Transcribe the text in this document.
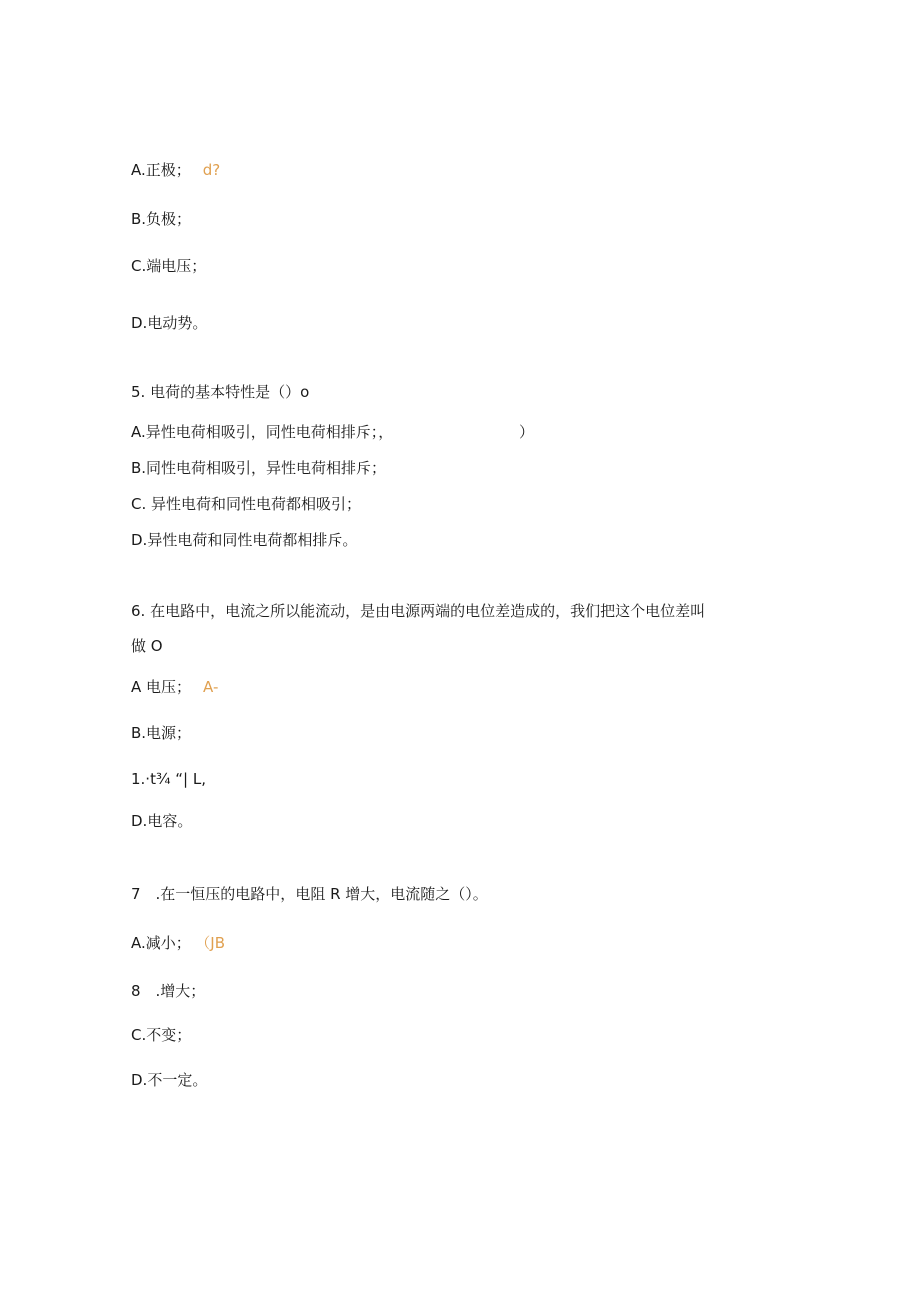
A.正极； d?
B.负极；
C.端电压；
D.电动势。
5. 电荷的基本特性是（）o
A.异性电荷相吸引，同性电荷相排斥；，	）
B.同性电荷相吸引，异性电荷相排斥；
C. 异性电荷和同性电荷都相吸引；
D.异性电荷和同性电荷都相排斥。
6. 在电路中，电流之所以能流动，是由电源两端的电位差造成的，我们把这个电位差叫
做 O
A 电压； A-
B.电源；
1.·t¾ “| L,
D.电容。
7　.在一恒压的电路中，电阻 R 增大，电流随之（）。
A.减小； （JB
8　.增大；
C.不变；
D.不一定。
